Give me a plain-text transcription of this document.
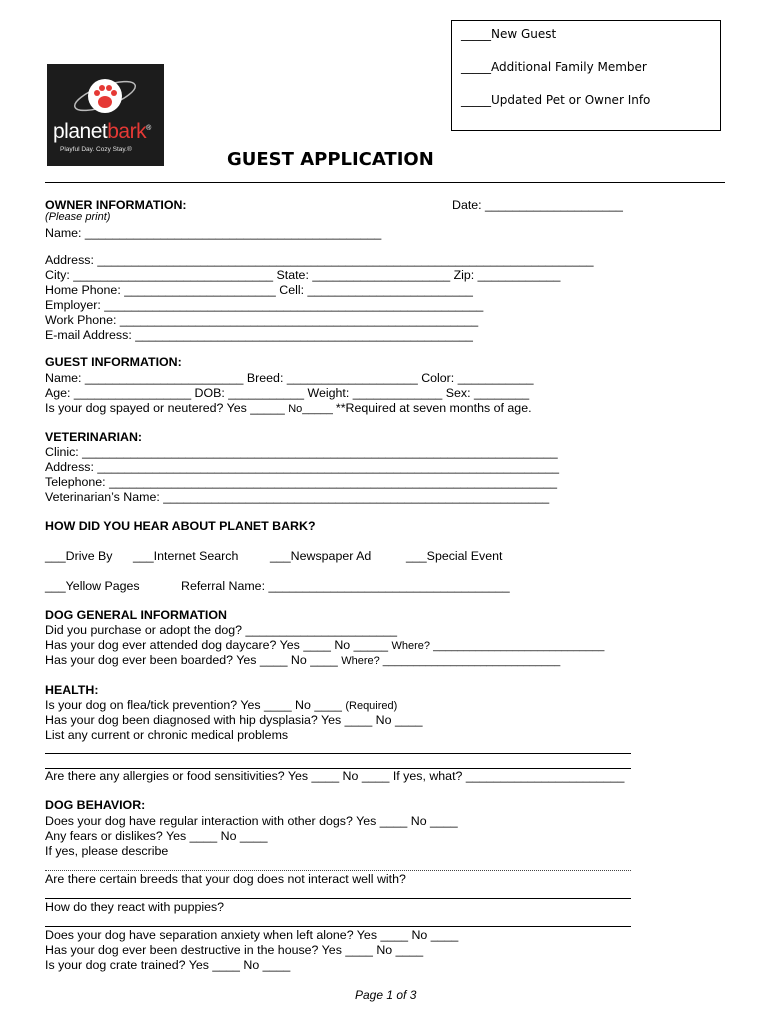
_____New Guest
_____Additional Family Member
_____Updated Pet or Owner Info
planetbark®
Playful Day. Cozy Stay.®	GUEST APPLICATION
OWNER INFORMATION:	Date: ____________________
(Please print)
Name: ___________________________________________
Address: ________________________________________________________________________
City: _____________________________ State: ____________________ Zip: ____________
Home Phone: ______________________ Cell: ________________________
Employer: _______________________________________________________
Work Phone: ____________________________________________________
E-mail Address: _________________________________________________
GUEST INFORMATION:
Name: _______________________ Breed: ___________________ Color: ___________
Age: _________________ DOB: ___________ Weight: _____________ Sex: ________
Is your dog spayed or neutered? Yes _____ No_____ **Required at seven months of age.
VETERINARIAN:
Clinic: _____________________________________________________________________
Address: ___________________________________________________________________
Telephone: _________________________________________________________________
Veterinarian’s Name: ________________________________________________________
HOW DID YOU HEAR ABOUT PLANET BARK?
___Drive By ___Internet Search	___Newspaper Ad	___Special Event
___Yellow Pages	Referral Name: ___________________________________
DOG GENERAL INFORMATION
Did you purchase or adopt the dog? ______________________
Has your dog ever attended dog daycare? Yes ____ No _____ Where? ____________________________
Has your dog ever been boarded? Yes ____ No ____ Where? _____________________________
HEALTH:
Is your dog on flea/tick prevention? Yes ____ No ____ (Required)
Has your dog been diagnosed with hip dysplasia? Yes ____ No ____
List any current or chronic medical problems
Are there any allergies or food sensitivities? Yes ____ No ____ If yes, what? _______________________
DOG BEHAVIOR:
Does your dog have regular interaction with other dogs? Yes ____ No ____
Any fears or dislikes? Yes ____ No ____
If yes, please describe
Are there certain breeds that your dog does not interact well with?
How do they react with puppies?
Does your dog have separation anxiety when left alone? Yes ____ No ____
Has your dog ever been destructive in the house? Yes ____ No ____
Is your dog crate trained? Yes ____ No ____
Page 1 of 3
